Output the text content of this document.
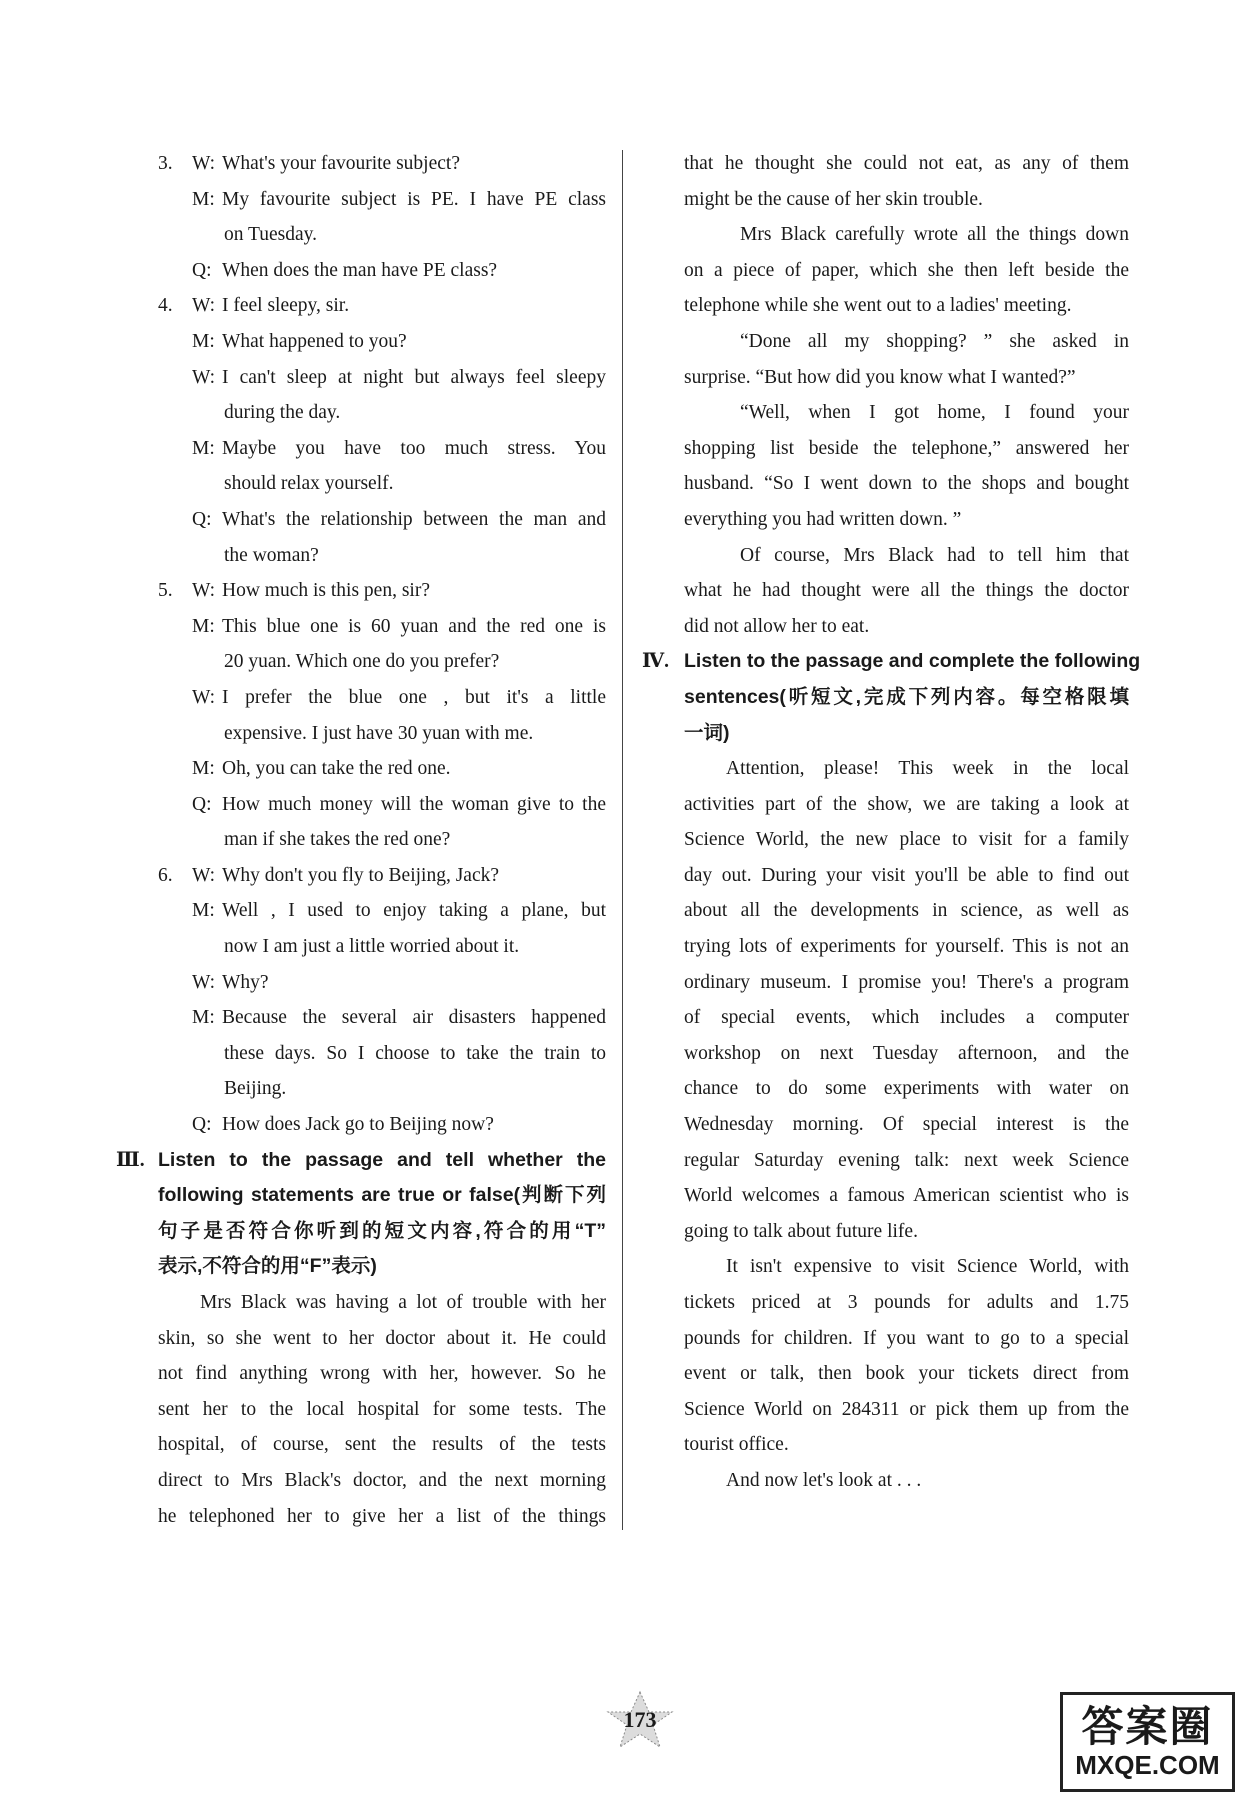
3. W: What's your favourite subject?
M: My favourite subject is PE. I have PE class
on Tuesday.
Q: When does the man have PE class?
4. W: I feel sleepy, sir.
M: What happened to you?
W: I can't sleep at night but always feel sleepy
during the day.
M: Maybe you have too much stress. You
should relax yourself.
Q: What's the relationship between the man and
the woman?
5. W: How much is this pen, sir?
M: This blue one is 60 yuan and the red one is
20 yuan. Which one do you prefer?
W: I prefer the blue one , but it's a little
expensive. I just have 30 yuan with me.
M: Oh, you can take the red one.
Q: How much money will the woman give to the
man if she takes the red one?
6. W: Why don't you fly to Beijing, Jack?
M: Well , I used to enjoy taking a plane, but
now I am just a little worried about it.
W: Why?
M: Because the several air disasters happened
these days. So I choose to take the train to
Beijing.
Q: How does Jack go to Beijing now?
Ⅲ. Listen to the passage and tell whether the
following statements are true or false(判断下列
句子是否符合你听到的短文内容,符合的用“T”
表示,不符合的用“F”表示)
Mrs Black was having a lot of trouble with her
skin, so she went to her doctor about it. He could
not find anything wrong with her, however. So he
sent her to the local hospital for some tests. The
hospital, of course, sent the results of the tests
direct to Mrs Black's doctor, and the next morning
he telephoned her to give her a list of the things
that he thought she could not eat, as any of them
might be the cause of her skin trouble.
Mrs Black carefully wrote all the things down
on a piece of paper, which she then left beside the
telephone while she went out to a ladies' meeting.
“Done all my shopping? ” she asked in
surprise. “But how did you know what I wanted?”
“Well, when I got home, I found your
shopping list beside the telephone,” answered her
husband. “So I went down to the shops and bought
everything you had written down. ”
Of course, Mrs Black had to tell him that
what he had thought were all the things the doctor
did not allow her to eat.
Ⅳ. Listen to the passage and complete the following
sentences(听短文,完成下列内容。每空格限填
一词)
Attention, please! This week in the local
activities part of the show, we are taking a look at
Science World, the new place to visit for a family
day out. During your visit you'll be able to find out
about all the developments in science, as well as
trying lots of experiments for yourself. This is not an
ordinary museum. I promise you! There's a program
of special events, which includes a computer
workshop on next Tuesday afternoon, and the
chance to do some experiments with water on
Wednesday morning. Of special interest is the
regular Saturday evening talk: next week Science
World welcomes a famous American scientist who is
going to talk about future life.
It isn't expensive to visit Science World, with
tickets priced at 3 pounds for adults and 1.75
pounds for children. If you want to go to a special
event or talk, then book your tickets direct from
Science World on 284311 or pick them up from the
tourist office.
And now let's look at . . .
173	答案圈
MXQE.COM
